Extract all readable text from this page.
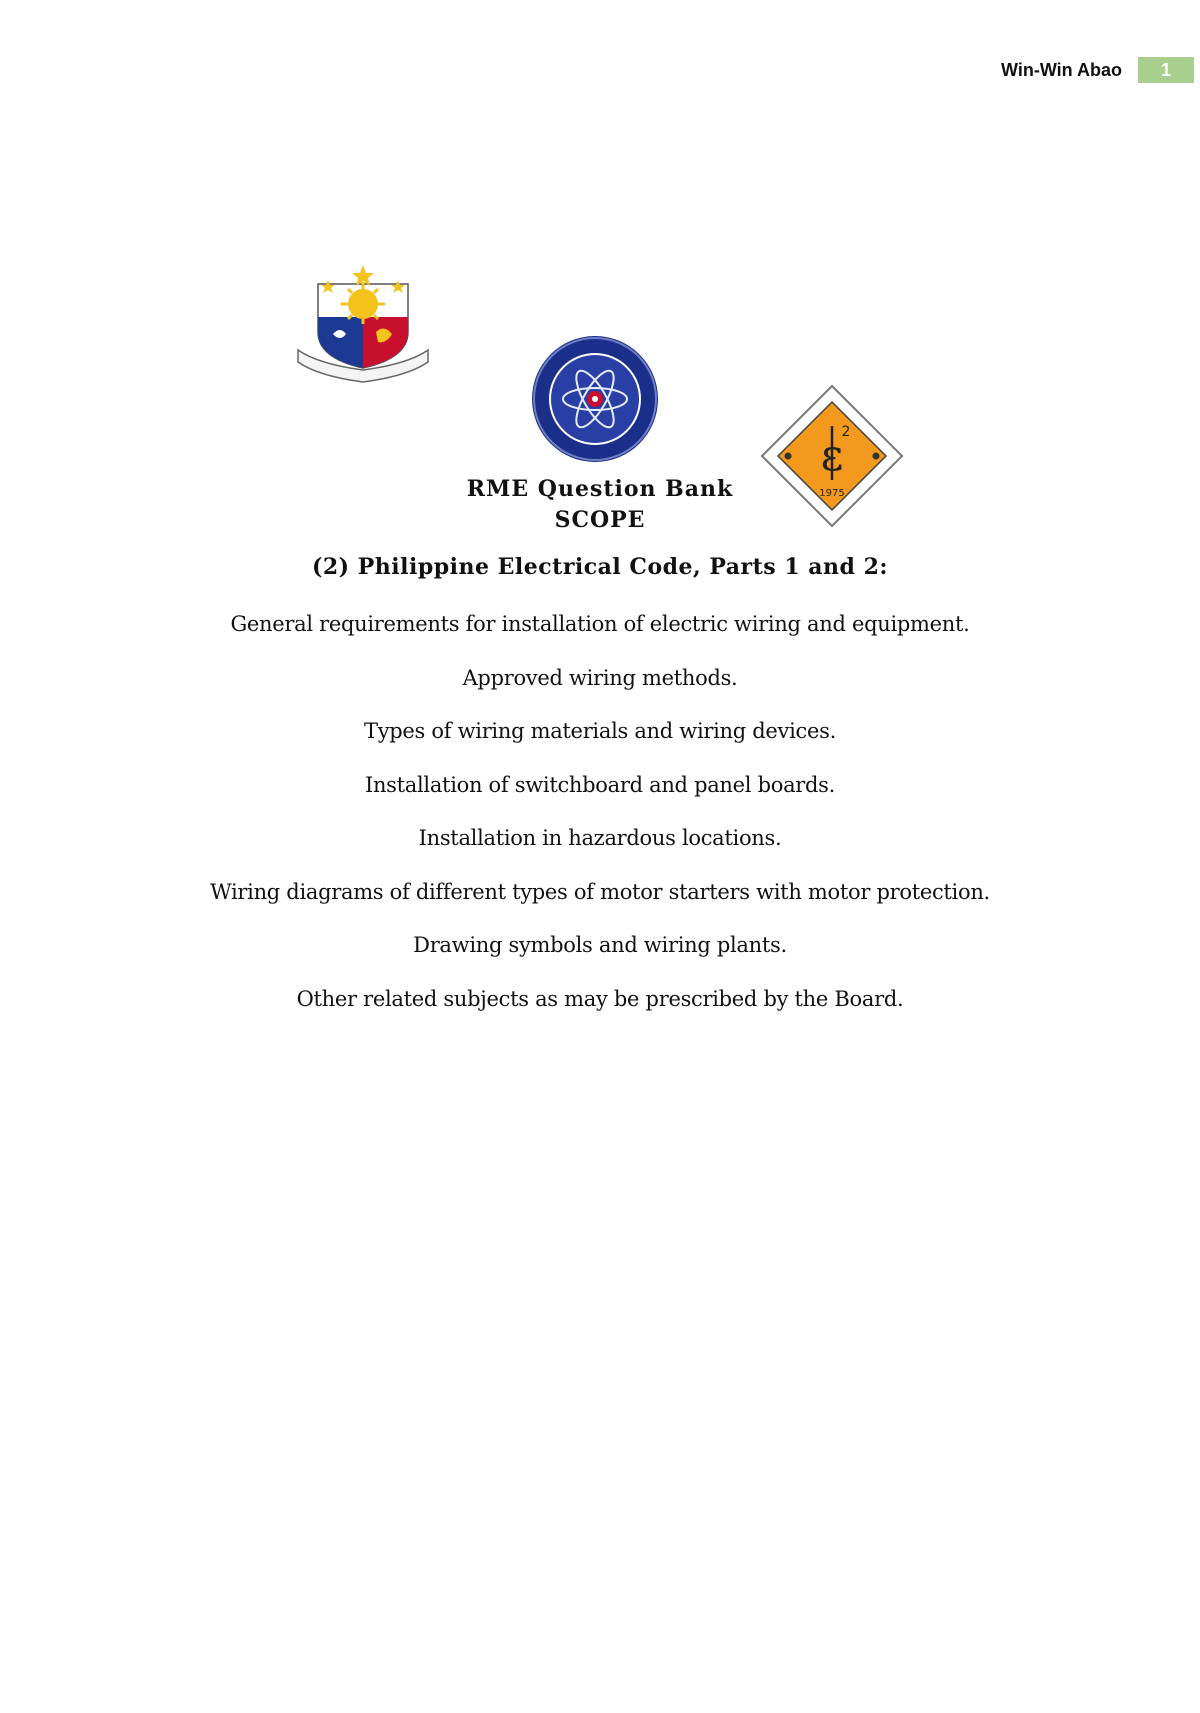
Win-Win Abao	1
ε
2
1975
RME Question Bank
SCOPE
(2) Philippine Electrical Code, Parts 1 and 2:
General requirements for installation of electric wiring and equipment.
Approved wiring methods.
Types of wiring materials and wiring devices.
Installation of switchboard and panel boards.
Installation in hazardous locations.
Wiring diagrams of different types of motor starters with motor protection.
Drawing symbols and wiring plants.
Other related subjects as may be prescribed by the Board.
